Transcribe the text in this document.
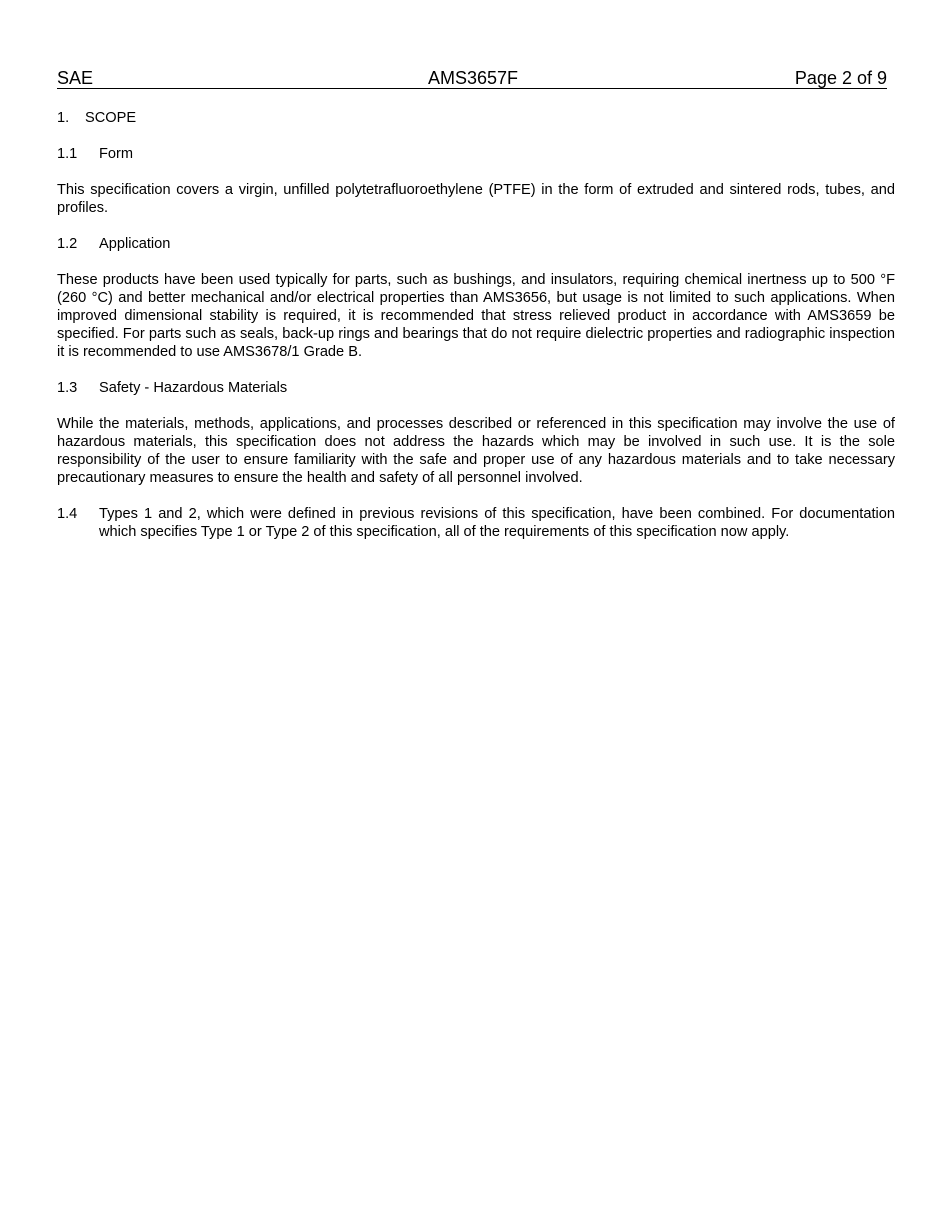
SAE	AMS3657F	Page 2 of 9
1. SCOPE
1.1 Form

This specification covers a virgin, unfilled polytetrafluoroethylene (PTFE) in the form of extruded and sintered rods, tubes, and profiles.

1.2 Application

These products have been used typically for parts, such as bushings, and insulators, requiring chemical inertness up to 500 °F (260 °C) and better mechanical and/or electrical properties than AMS3656, but usage is not limited to such applications. When improved dimensional stability is required, it is recommended that stress relieved product in accordance with AMS3659 be specified. For parts such as seals, back-up rings and bearings that do not require dielectric properties and radiographic inspection it is recommended to use AMS3678/1 Grade B.

1.3 Safety - Hazardous Materials

While the materials, methods, applications, and processes described or referenced in this specification may involve the use of hazardous materials, this specification does not address the hazards which may be involved in such use. It is the sole responsibility of the user to ensure familiarity with the safe and proper use of any hazardous materials and to take necessary precautionary measures to ensure the health and safety of all personnel involved.

1.4 Types 1 and 2, which were defined in previous revisions of this specification, have been combined. For documentation which specifies Type 1 or Type 2 of this specification, all of the requirements of this specification now apply.
